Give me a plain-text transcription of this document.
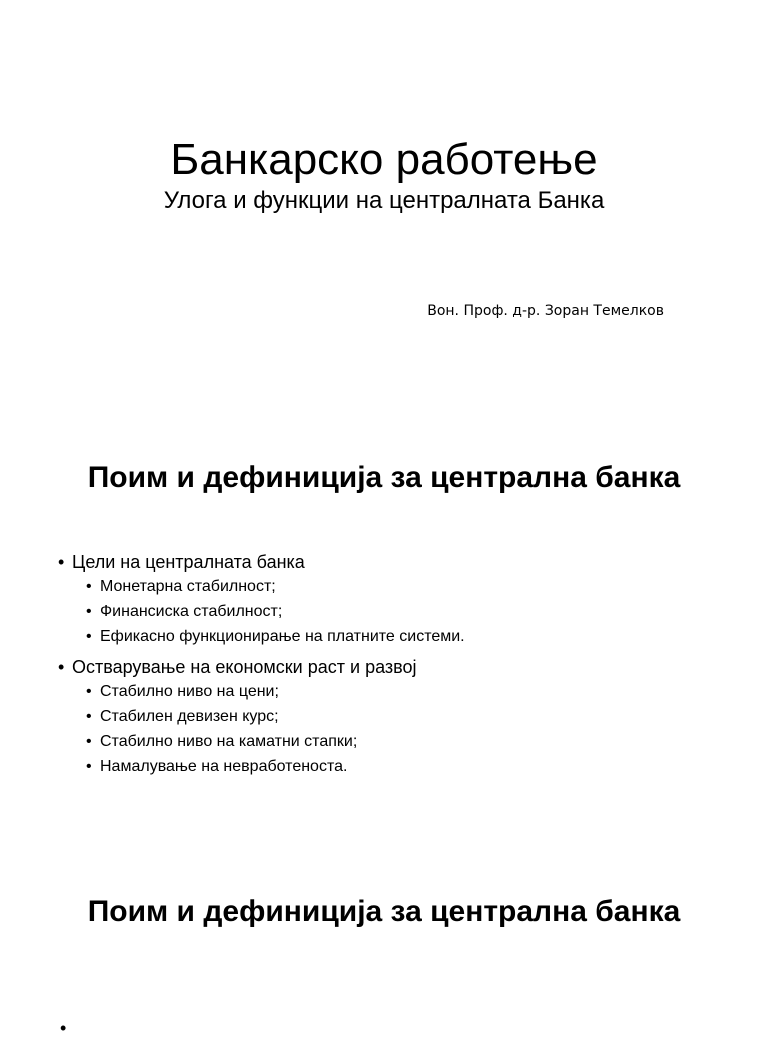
Банкарско работење
Улога и функции на централната Банка
Вон. Проф. д-р. Зоран Темелков
Поим и дефиниција за централна банка
• Цели на централната банка
• Монетарна стабилност;
• Финансиска стабилност;
• Ефикасно функционирање на платните системи.
• Остварување на економски раст и развој
• Стабилно ниво на цени;
• Стабилен девизен курс;
• Стабилно ниво на каматни стапки;
• Намалување на невработеноста.
Поим и дефиниција за централна банка
•
